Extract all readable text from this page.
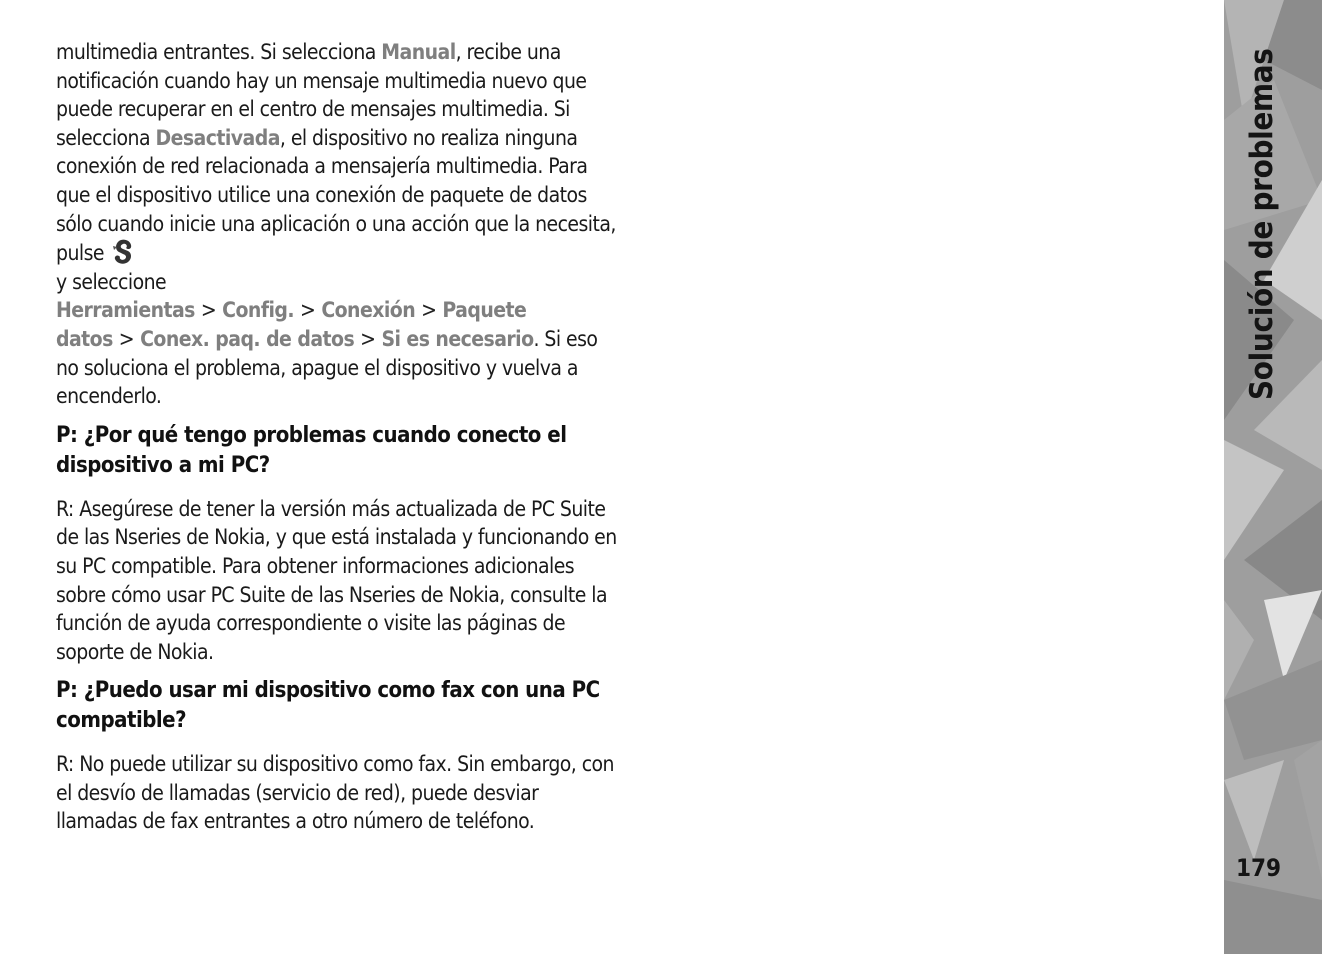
multimedia entrantes. Si selecciona Manual, recibe una notificación cuando hay un mensaje multimedia nuevo que puede recuperar en el centro de mensajes multimedia. Si selecciona Desactivada, el dispositivo no realiza ninguna conexión de red relacionada a mensajería multimedia. Para que el dispositivo utilice una conexión de paquete de datos sólo cuando inicie una aplicación o una acción que la necesita, pulse
y seleccione Herramientas > Config. > Conexión > Paquete datos > Conex. paq. de datos > Si es necesario. Si eso no soluciona el problema, apague el dispositivo y vuelva a encenderlo.

P: ¿Por qué tengo problemas cuando conecto el dispositivo a mi PC?

R: Asegúrese de tener la versión más actualizada de PC Suite de las Nseries de Nokia, y que está instalada y funcionando en su PC compatible. Para obtener informaciones adicionales sobre cómo usar PC Suite de las Nseries de Nokia, consulte la función de ayuda correspondiente o visite las páginas de soporte de Nokia.

P: ¿Puedo usar mi dispositivo como fax con una PC compatible?

R: No puede utilizar su dispositivo como fax. Sin embargo, con el desvío de llamadas (servicio de red), puede desviar llamadas de fax entrantes a otro número de teléfono.

Solución de problemas
179
